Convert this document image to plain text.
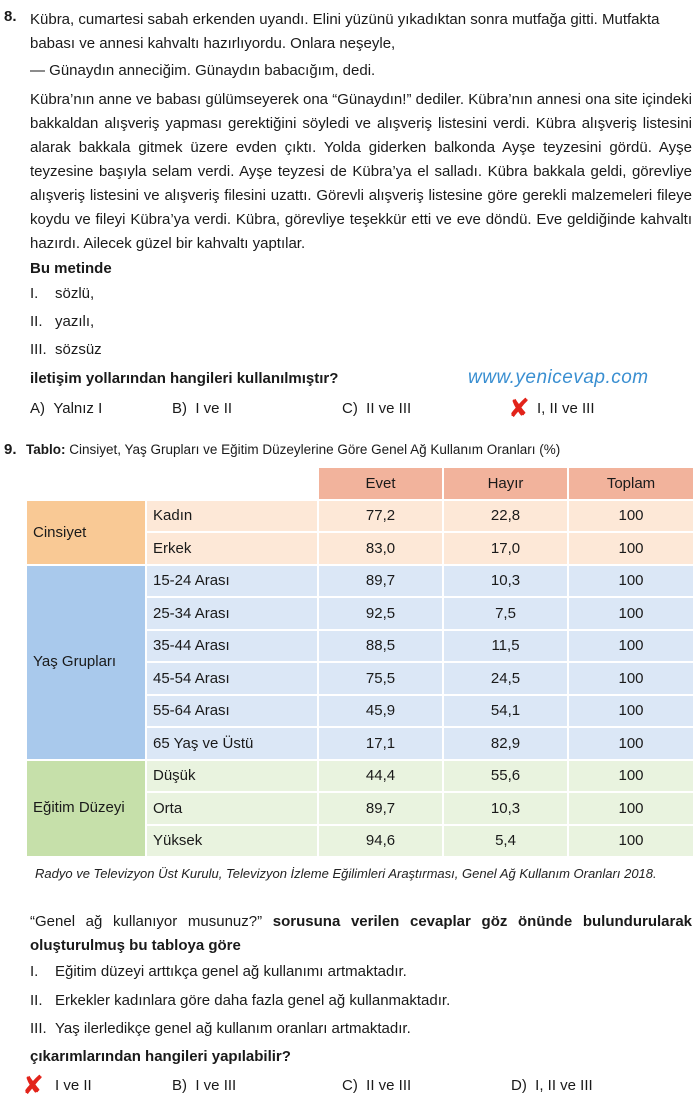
8. Kübra, cumartesi sabah erkenden uyandı. Elini yüzünü yıkadıktan sonra mutfağa gitti. Mutfakta
babası ve annesi kahvaltı hazırlıyordu. Onlara neşeyle,
— Günaydın anneciğim. Günaydın babacığım, dedi.
Kübra’nın anne ve babası gülümseyerek ona “Günaydın!” dediler. Kübra’nın annesi ona site içindeki bakkaldan alışveriş yapması gerektiğini söyledi ve alışveriş listesini verdi. Kübra alışveriş listesini alarak bakkala gitmek üzere evden çıktı. Yolda giderken balkonda Ayşe teyzesini gördü. Ayşe teyzesine başıyla selam verdi. Ayşe teyzesi de Kübra’ya el salladı. Kübra bakkala geldi, görevliye alışveriş listesini ve alışveriş filesini uzattı. Görevli alışveriş listesine göre gerekli malzemeleri fileye koydu ve fileyi Kübra’ya verdi. Kübra, görevliye teşekkür etti ve eve döndü. Eve geldiğinde kahvaltı hazırdı. Ailecek güzel bir kahvaltı yaptılar.
Bu metinde
I. sözlü,
II. yazılı,
III. sözsüz
iletişim yollarından hangileri kullanılmıştır?	www.yenicevap.com
A) Yalnız I	B) I ve II	C) II ve III	✘ I, II ve III
9. Tablo: Cinsiyet, Yaş Grupları ve Eğitim Düzeylerine Göre Genel Ağ Kullanım Oranları (%)
		Evet	Hayır	Toplam
Cinsiyet	Kadın	77,2	22,8	100
	Erkek	83,0	17,0	100
Yaş Grupları	15-24 Arası	89,7	10,3	100
	25-34 Arası	92,5	7,5	100
	35-44 Arası	88,5	11,5	100
	45-54 Arası	75,5	24,5	100
	55-64 Arası	45,9	54,1	100
	65 Yaş ve Üstü	17,1	82,9	100
Eğitim Düzeyi	Düşük	44,4	55,6	100
	Orta	89,7	10,3	100
	Yüksek	94,6	5,4	100
Radyo ve Televizyon Üst Kurulu, Televizyon İzleme Eğilimleri Araştırması, Genel Ağ Kullanım Oranları 2018.
“Genel ağ kullanıyor musunuz?” sorusuna verilen cevaplar göz önünde bulundurularak oluşturulmuş bu tabloya göre
I. Eğitim düzeyi arttıkça genel ağ kullanımı artmaktadır.
II. Erkekler kadınlara göre daha fazla genel ağ kullanmaktadır.
III. Yaş ilerledikçe genel ağ kullanım oranları artmaktadır.
çıkarımlarından hangileri yapılabilir?
✘ I ve II	B) I ve III	C) II ve III	D) I, II ve III
